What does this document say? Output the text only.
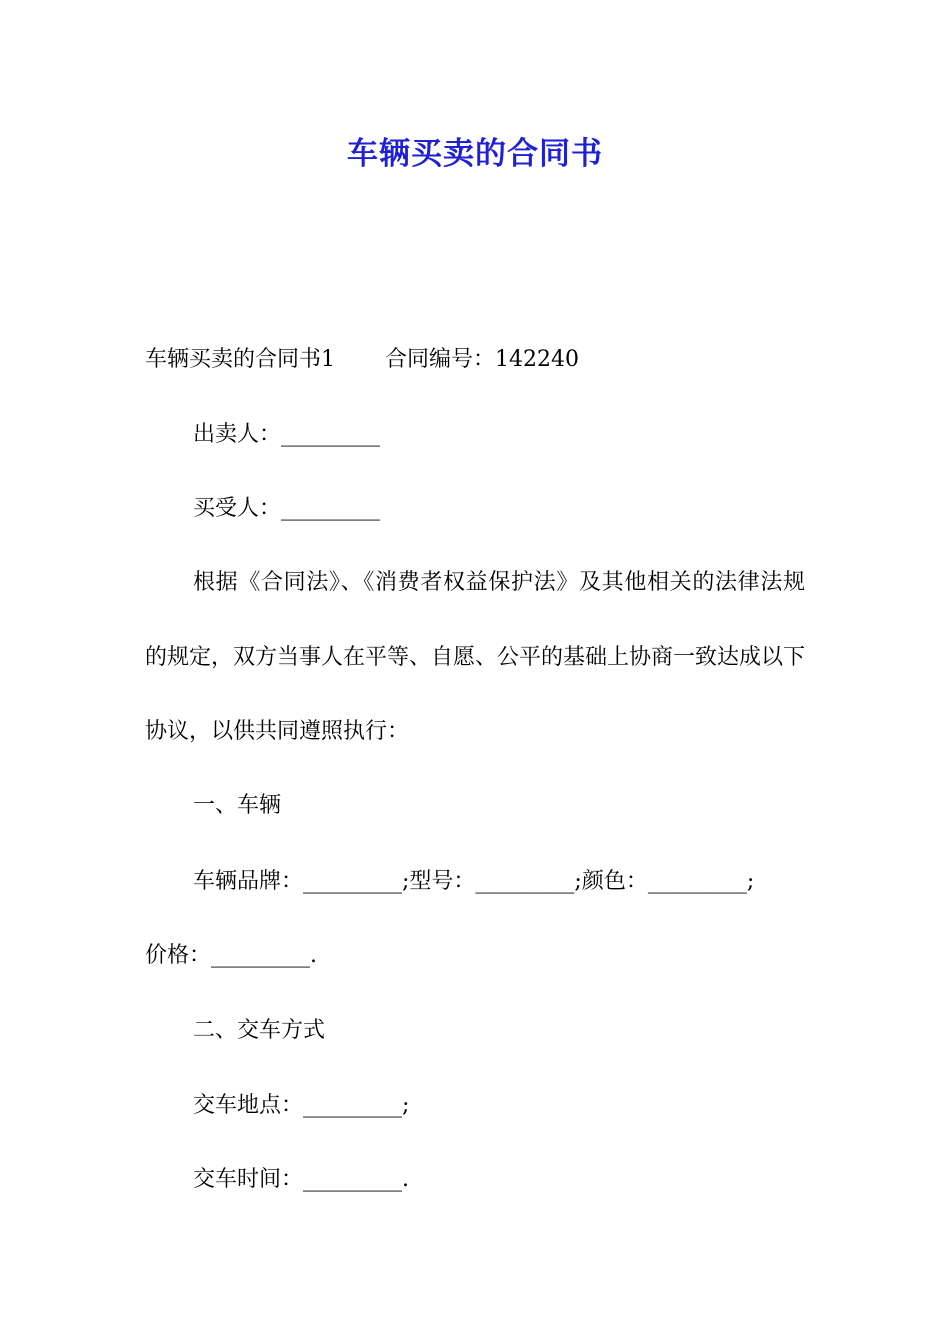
车辆买卖的合同书
车辆买卖的合同书1 合同编号：142240
出卖人：_________
买受人：_________

根据《合同法》、《消费者权益保护法》及其他相关的法律法规的规定，双方当事人在平等、自愿、公平的基础上协商一致达成以下协议，以供共同遵照执行：

一、车辆
车辆品牌：_________;型号：_________;颜色：_________;
价格：_________.
二、交车方式
交车地点：_________;
交车时间：_________.
